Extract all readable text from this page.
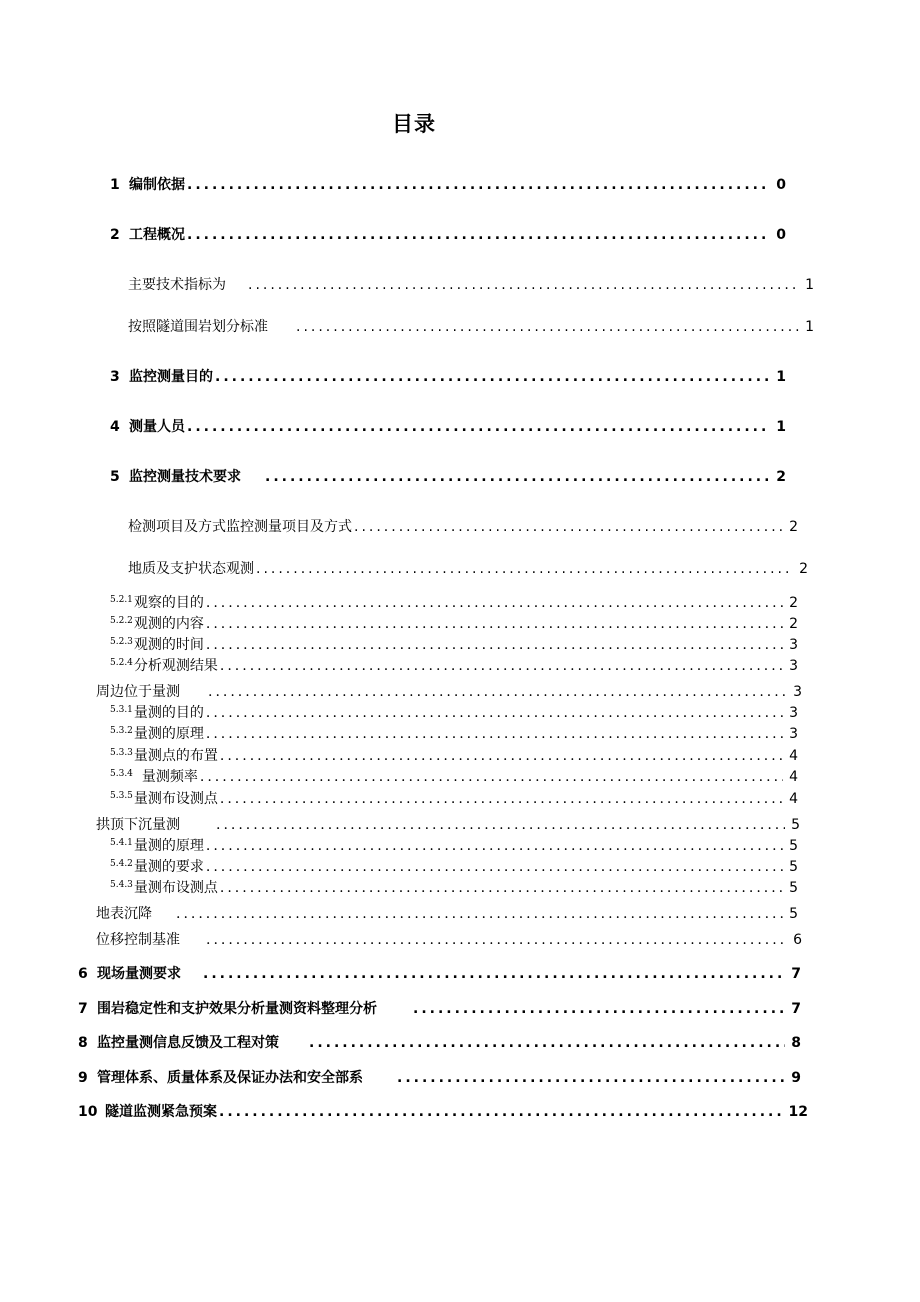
目录
1 编制依据 .....	0
2 工程概况 .....	0
主要技术指标为 .....	1
按照隧道围岩划分标准 .....	1
3 监控测量目的 .....	1
4 测量人员 .....	1
5 监控测量技术要求 .....	2
检测项目及方式监控测量项目及方式 .....	2
地质及支护状态观测 .....	2
5.2.1 观察的目的 .....	2
5.2.2 观测的内容 .....	2
5.2.3 观测的时间 .....	3
5.2.4 分析观测结果 .....	3
周边位于量测 .....	3
5.3.1 量测的目的 .....	3
5.3.2 量测的原理 .....	3
5.3.3 量测点的布置 .....	4
5.3.4 量测频率 .....	4
5.3.5 量测布设测点 .....	4
拱顶下沉量测 .....	5
5.4.1 量测的原理 .....	5
5.4.2 量测的要求 .....	5
5.4.3 量测布设测点 .....	5
地表沉降 .....	5
位移控制基准 .....	6
6 现场量测要求 .....	7
7 围岩稳定性和支护效果分析量测资料整理分析 .....	7
8 监控量测信息反馈及工程对策 .....	8
9 管理体系、质量体系及保证办法和安全部系 .....	9
10 隧道监测紧急预案 .....	12
